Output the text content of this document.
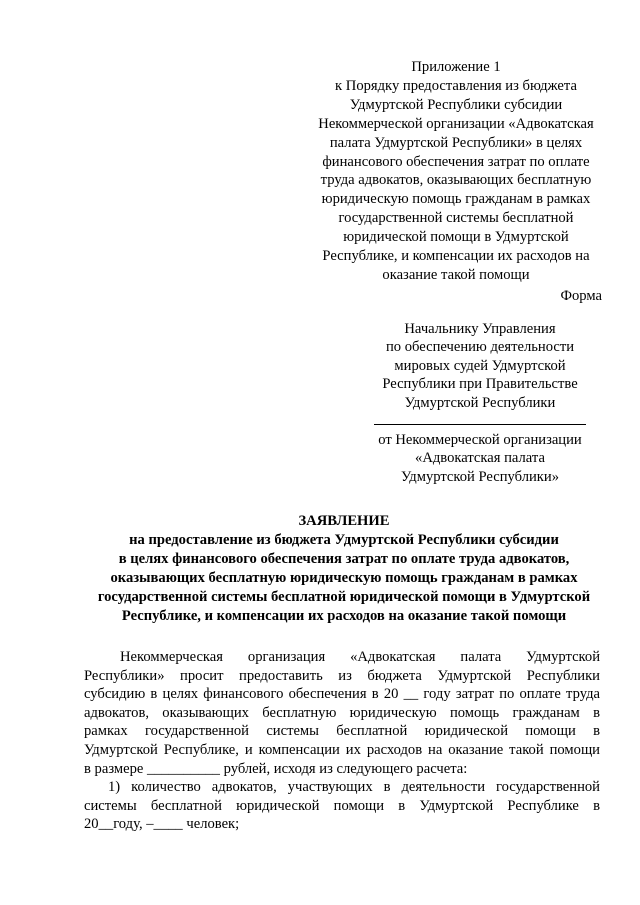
Приложение 1
к Порядку предоставления из бюджета
Удмуртской Республики субсидии
Некоммерческой организации «Адвокатская
палата Удмуртской Республики» в целях
финансового обеспечения затрат по оплате
труда адвокатов, оказывающих бесплатную
юридическую помощь гражданам в рамках
государственной системы бесплатной
юридической помощи в Удмуртской
Республике, и компенсации их расходов на
оказание такой помощи
Форма
Начальнику Управления
по обеспечению деятельности
мировых судей Удмуртской
Республики при Правительстве
Удмуртской Республики
от Некоммерческой организации
«Адвокатская палата
Удмуртской Республики»
ЗАЯВЛЕНИЕ
на предоставление из бюджета Удмуртской Республики субсидии
в целях финансового обеспечения затрат по оплате труда адвокатов,
оказывающих бесплатную юридическую помощь гражданам в рамках
государственной системы бесплатной юридической помощи в Удмуртской
Республике, и компенсации их расходов на оказание такой помощи
Некоммерческая организация «Адвокатская палата Удмуртской
Республики» просит предоставить из бюджета Удмуртской Республики
субсидию в целях финансового обеспечения в 20 __ году затрат по оплате труда
адвокатов, оказывающих бесплатную юридическую помощь гражданам в
рамках государственной системы бесплатной юридической помощи в
Удмуртской Республике, и компенсации их расходов на оказание такой помощи
в размере __________ рублей, исходя из следующего расчета:
1) количество адвокатов, участвующих в деятельности государственной
системы бесплатной юридической помощи в Удмуртской Республике в
20__году, –____ человек;
